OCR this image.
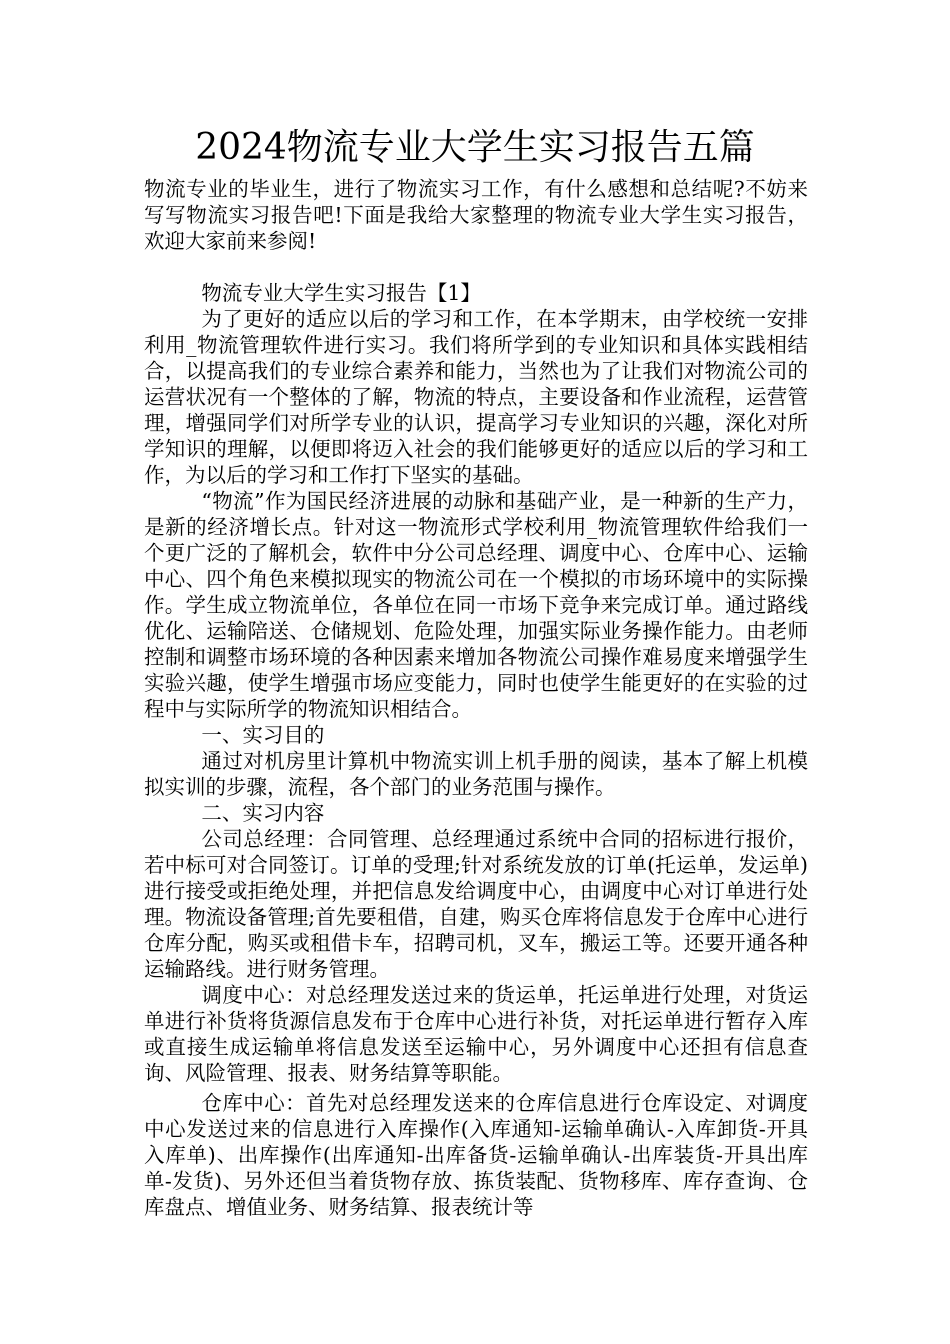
2024物流专业大学生实习报告五篇

物流专业的毕业生，进行了物流实习工作，有什么感想和总结呢?不妨来写写物流实习报告吧!下面是我给大家整理的物流专业大学生实习报告，欢迎大家前来参阅!

物流专业大学生实习报告【1】

为了更好的适应以后的学习和工作，在本学期末，由学校统一安排利用_物流管理软件进行实习。我们将所学到的专业知识和具体实践相结合，以提高我们的专业综合素养和能力，当然也为了让我们对物流公司的运营状况有一个整体的了解，物流的特点，主要设备和作业流程，运营管理，增强同学们对所学专业的认识，提高学习专业知识的兴趣，深化对所学知识的理解，以便即将迈入社会的我们能够更好的适应以后的学习和工作，为以后的学习和工作打下坚实的基础。

“物流”作为国民经济进展的动脉和基础产业，是一种新的生产力，是新的经济增长点。针对这一物流形式学校利用_物流管理软件给我们一个更广泛的了解机会，软件中分公司总经理、调度中心、仓库中心、运输中心、四个角色来模拟现实的物流公司在一个模拟的市场环境中的实际操作。学生成立物流单位，各单位在同一市场下竞争来完成订单。通过路线优化、运输陪送、仓储规划、危险处理，加强实际业务操作能力。由老师控制和调整市场环境的各种因素来增加各物流公司操作难易度来增强学生实验兴趣，使学生增强市场应变能力，同时也使学生能更好的在实验的过程中与实际所学的物流知识相结合。

一、实习目的

通过对机房里计算机中物流实训上机手册的阅读，基本了解上机模拟实训的步骤，流程，各个部门的业务范围与操作。

二、实习内容

公司总经理：合同管理、总经理通过系统中合同的招标进行报价，若中标可对合同签订。订单的受理;针对系统发放的订单(托运单，发运单)进行接受或拒绝处理，并把信息发给调度中心，由调度中心对订单进行处理。物流设备管理;首先要租借，自建，购买仓库将信息发于仓库中心进行仓库分配，购买或租借卡车，招聘司机，叉车，搬运工等。还要开通各种运输路线。进行财务管理。

调度中心：对总经理发送过来的货运单，托运单进行处理，对货运单进行补货将货源信息发布于仓库中心进行补货，对托运单进行暂存入库或直接生成运输单将信息发送至运输中心，另外调度中心还担有信息查询、风险管理、报表、财务结算等职能。

仓库中心：首先对总经理发送来的仓库信息进行仓库设定、对调度中心发送过来的信息进行入库操作(入库通知-运输单确认-入库卸货-开具入库单)、出库操作(出库通知-出库备货-运输单确认-出库装货-开具出库单-发货)、另外还但当着货物存放、拣货装配、货物移库、库存查询、仓库盘点、增值业务、财务结算、报表统计等
